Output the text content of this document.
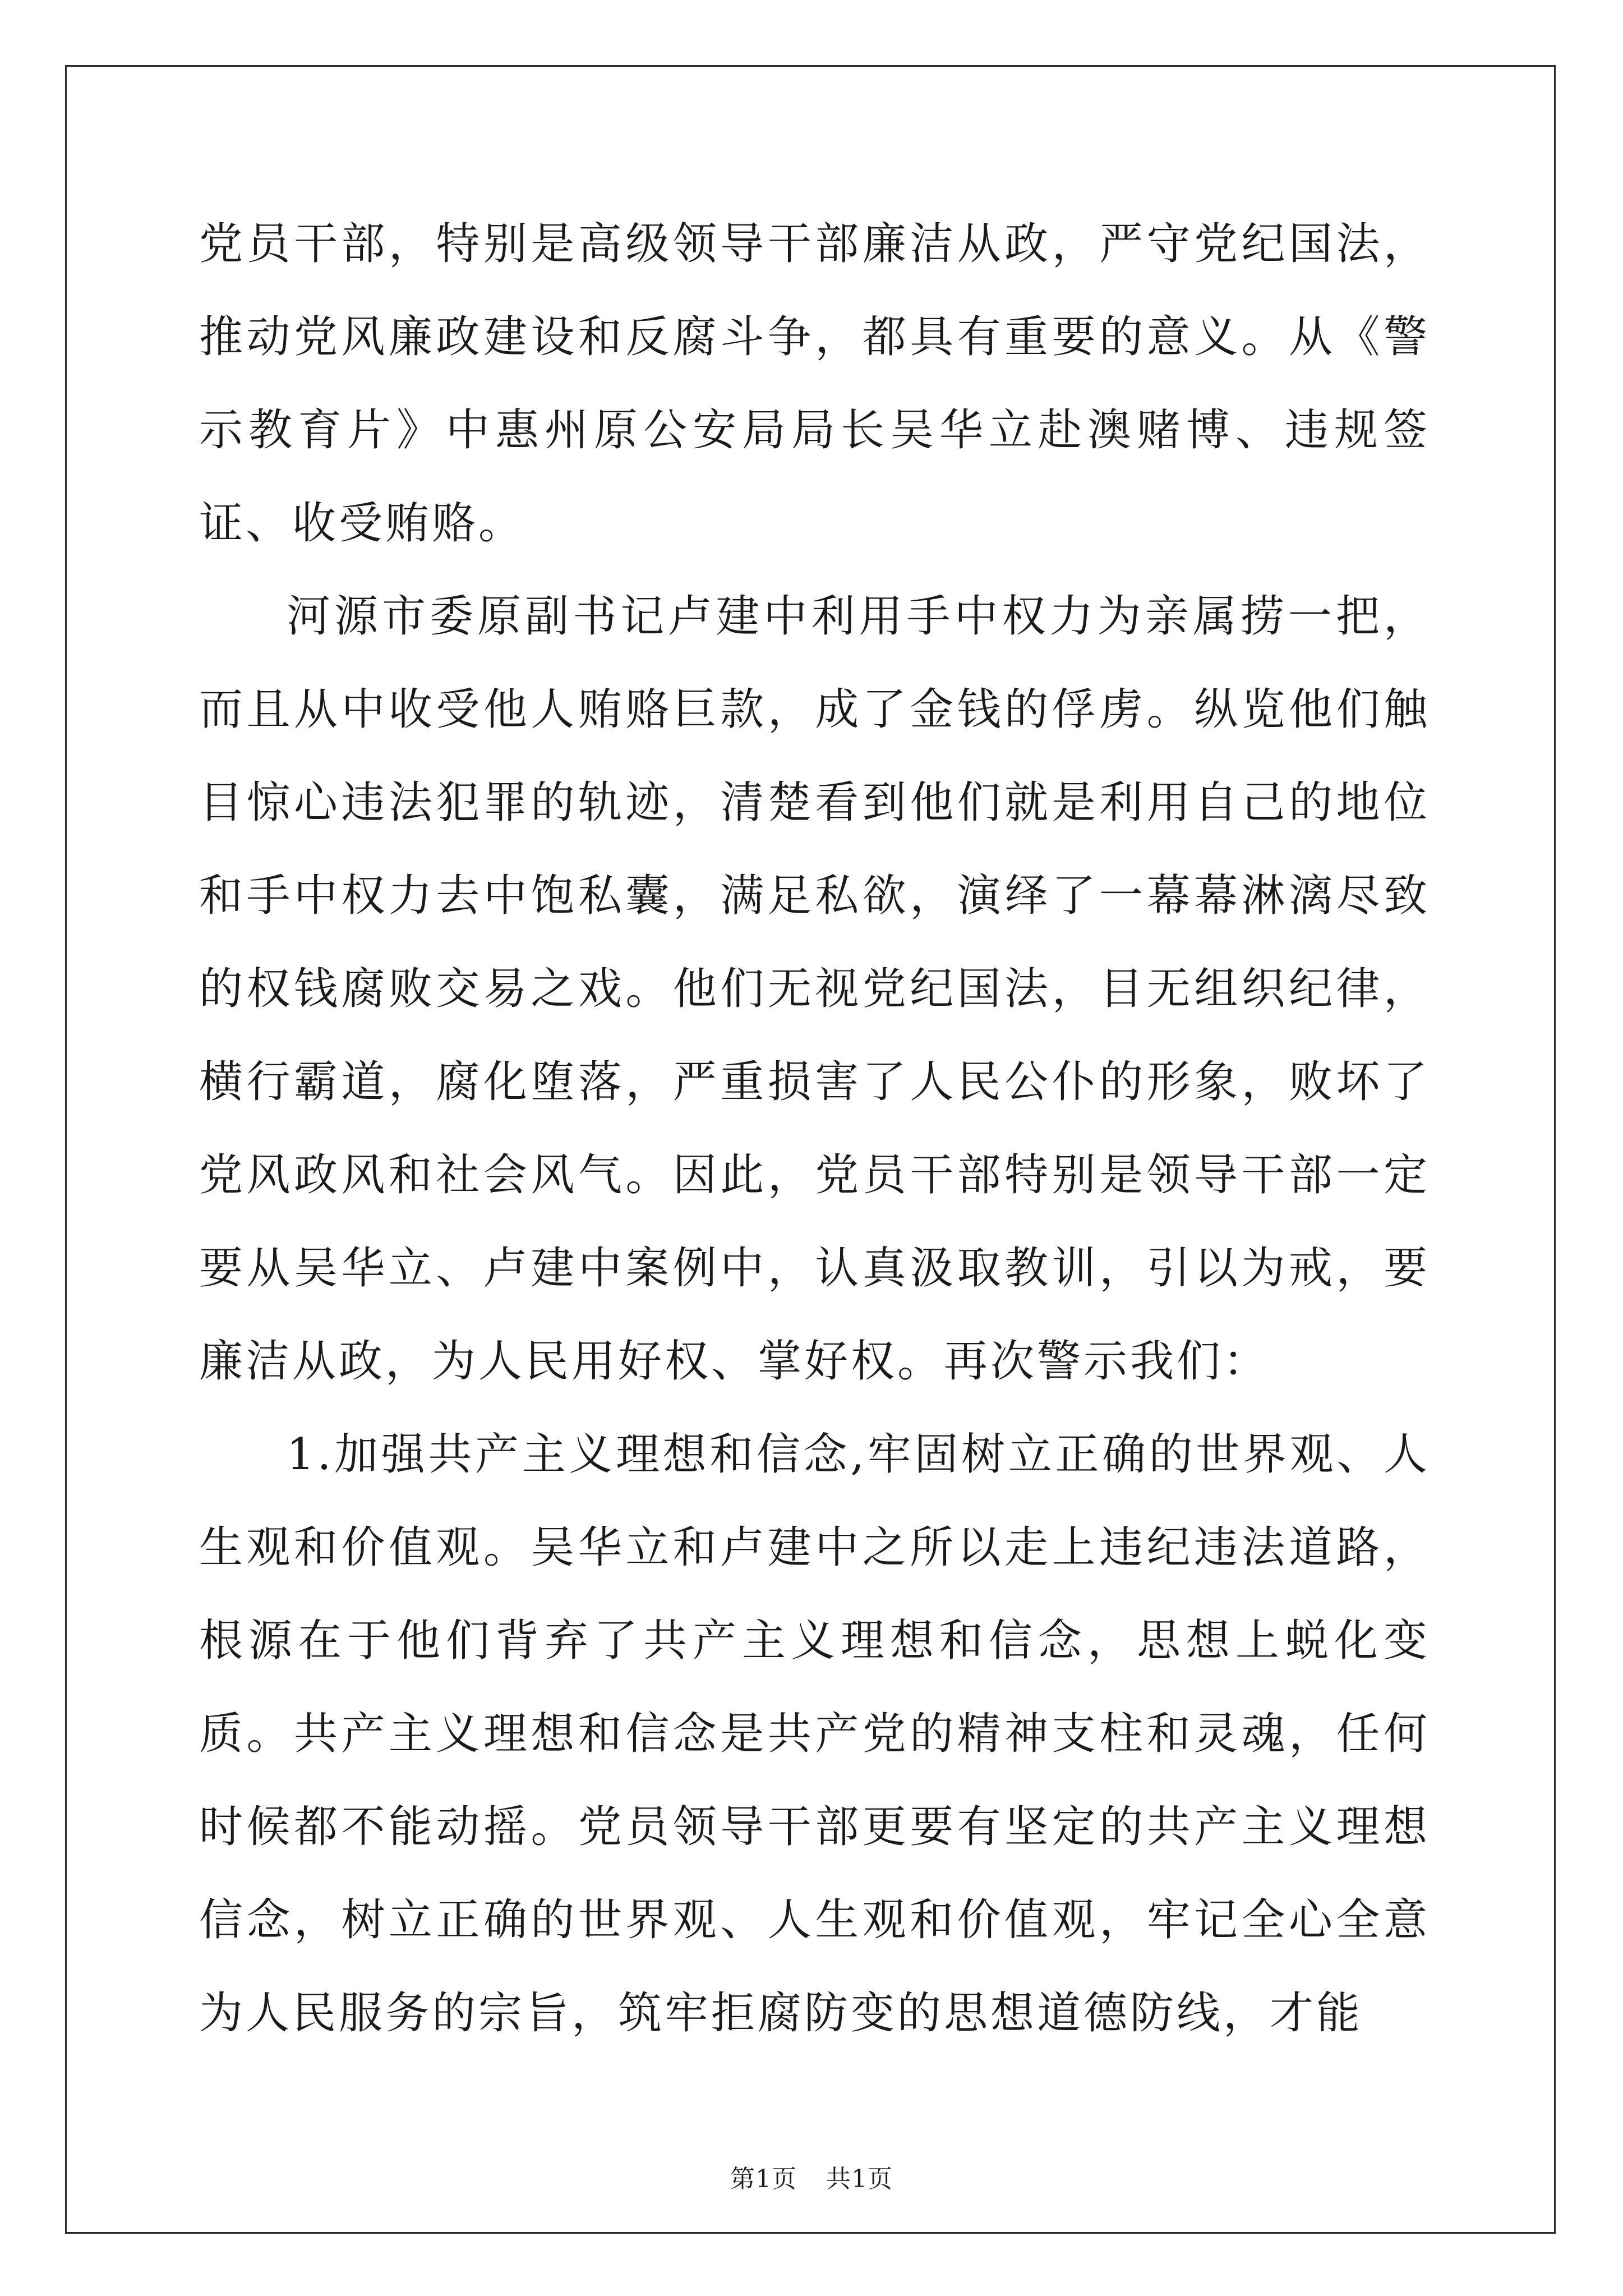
党员干部，特别是高级领导干部廉洁从政，严守党纪国法，推动党风廉政建设和反腐斗争，都具有重要的意义。从《警示教育片》中惠州原公安局局长吴华立赴澳赌博、违规签证、收受贿赂。

河源市委原副书记卢建中利用手中权力为亲属捞一把，而且从中收受他人贿赂巨款，成了金钱的俘虏。纵览他们触目惊心违法犯罪的轨迹，清楚看到他们就是利用自己的地位和手中权力去中饱私囊，满足私欲，演绎了一幕幕淋漓尽致的权钱腐败交易之戏。他们无视党纪国法，目无组织纪律，横行霸道，腐化堕落，严重损害了人民公仆的形象，败坏了党风政风和社会风气。因此，党员干部特别是领导干部一定要从吴华立、卢建中案例中，认真汲取教训，引以为戒，要廉洁从政，为人民用好权、掌好权。再次警示我们：

1.加强共产主义理想和信念,牢固树立正确的世界观、人生观和价值观。吴华立和卢建中之所以走上违纪违法道路，根源在于他们背弃了共产主义理想和信念，思想上蜕化变质。共产主义理想和信念是共产党的精神支柱和灵魂，任何时候都不能动摇。党员领导干部更要有坚定的共产主义理想信念，树立正确的世界观、人生观和价值观，牢记全心全意为人民服务的宗旨，筑牢拒腐防变的思想道德防线，才能

第1页 共1页
